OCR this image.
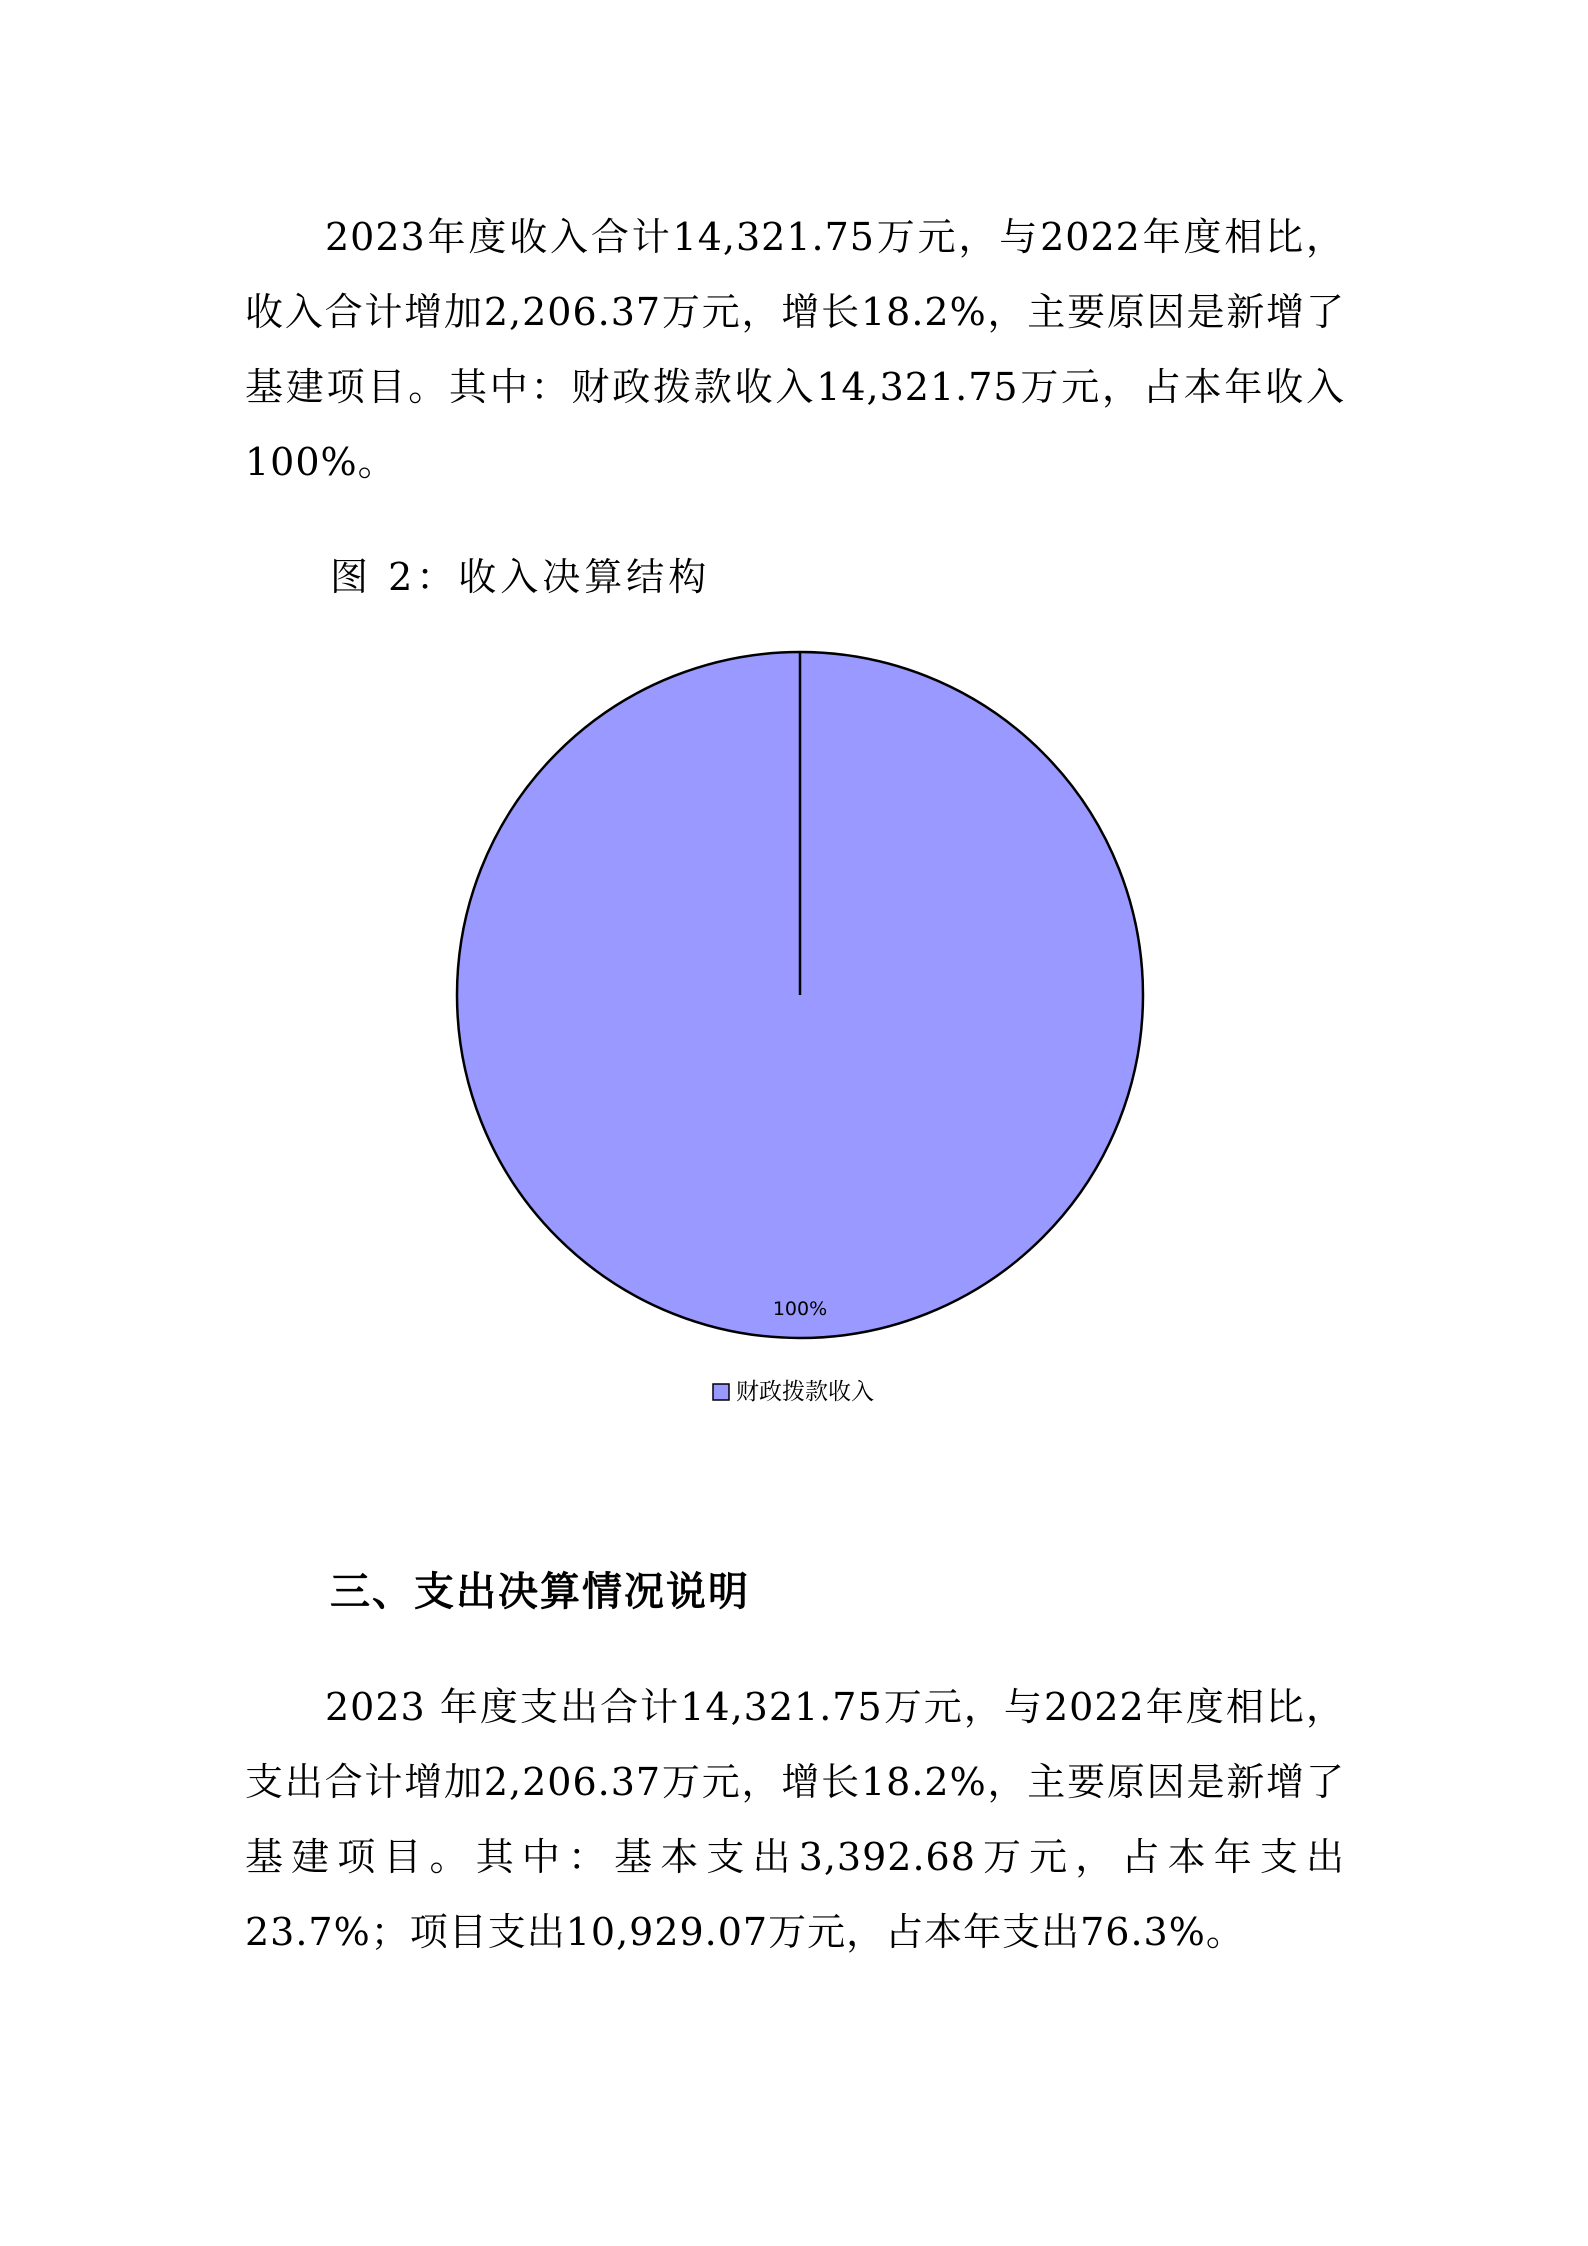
2023年度收入合计14,321.75万元，与2022年度相比，收入合计增加2,206.37万元，增长18.2%，主要原因是新增了基建项目。其中：财政拨款收入14,321.75万元，占本年收入100%。

图 2：收入决算结构

100%
财政拨款收入
三、支出决算情况说明

2023 年度支出合计14,321.75万元，与2022年度相比，支出合计增加2,206.37万元，增长18.2%，主要原因是新增了基建项目。其中：基本支出3,392.68万元，占本年支出23.7%；项目支出10,929.07万元，占本年支出76.3%。
